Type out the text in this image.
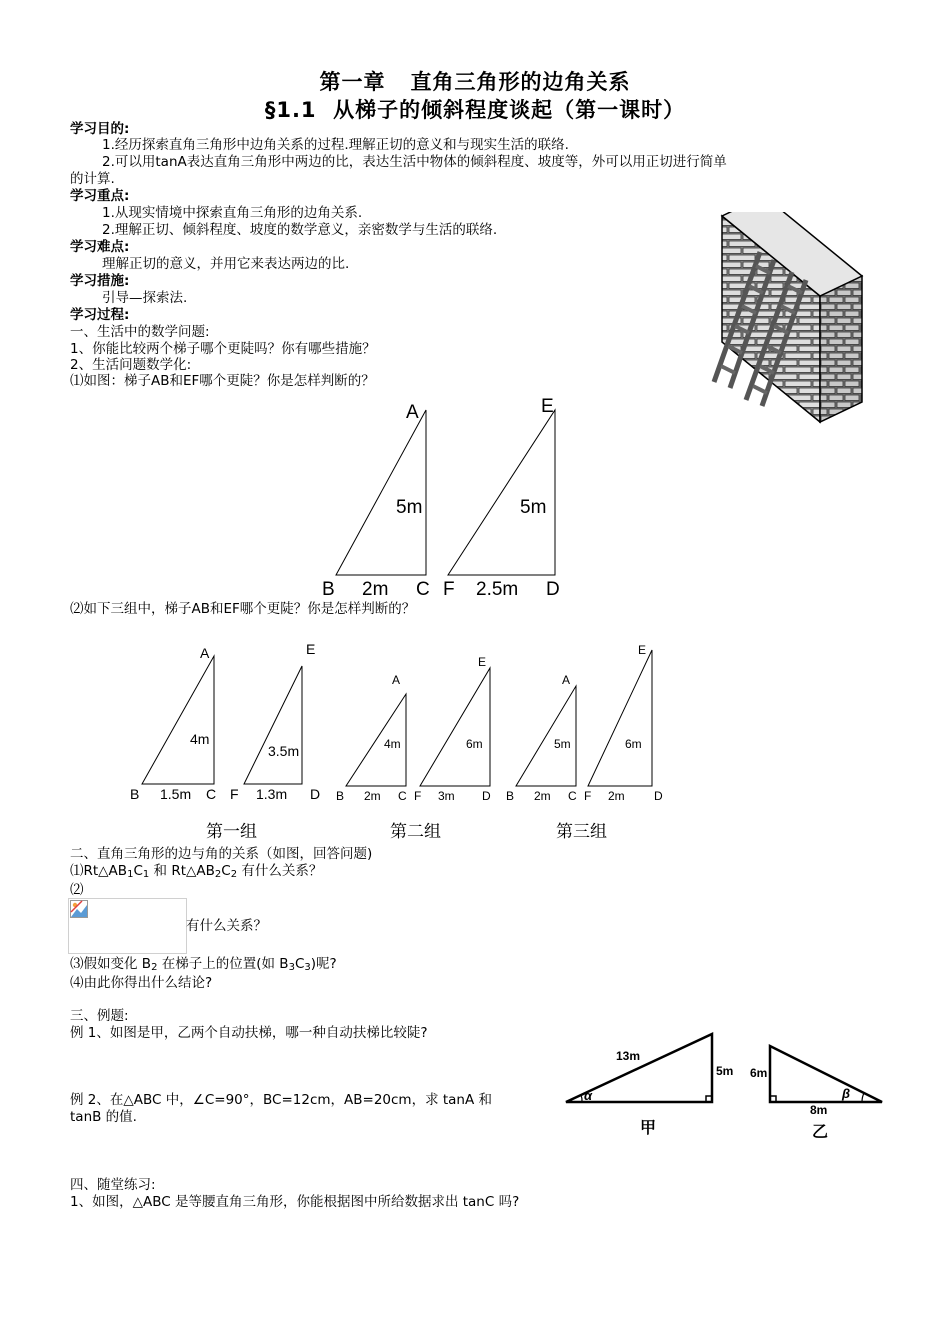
第一章   直角三角形的边角关系
§1.1  从梯子的倾斜程度谈起（第一课时）
学习目的:
1.经历探索直角三角形中边角关系的过程.理解正切的意义和与现实生活的联络.
2.可以用tanA表达直角三角形中两边的比，表达生活中物体的倾斜程度、坡度等，外可以用正切进行简单
的计算.
学习重点:
1.从现实情境中探索直角三角形的边角关系.
2.理解正切、倾斜程度、坡度的数学意义，亲密数学与生活的联络.
学习难点:
理解正切的意义，并用它来表达两边的比.
学习措施:
引导—探索法.
学习过程:
一、生活中的数学问题:
1、你能比较两个梯子哪个更陡吗？你有哪些措施？
2、生活问题数学化:
⑴如图：梯子AB和EF哪个更陡？你是怎样判断的？
A
B	C
5m
2m
E
F	D
5m
2.5m
⑵如下三组中，梯子AB和EF哪个更陡？你是怎样判断的？
A	E
4m
3.5m
B 1.5m C F 1.3m D
第一组
A
E
4m	6m
B 2m C F 3m D
第二组
A
E
5m	6m
B 2m C F 2m D
第三组
二、直角三角形的边与角的关系（如图，回答问题)
$⑴Rt\triangle AB_1C_1$ 和 $Rt\triangle AB_2C_2$ 有什么关系？
⑵
有什么关系？
⑶假如变化 $B_2$ 在梯子上的位置(如 $B_3C_3$)呢?
⑷由此你得出什么结论?
三、例题:
例 1、如图是甲，乙两个自动扶梯，哪一种自动扶梯比较陡?
例 2、在△ABC 中，∠C=90°，BC=12cm，AB=20cm，求 tanA 和
tanB 的值.
13m
5m
α
甲
6m
8m
β
乙
四、随堂练习:
1、如图，△ABC 是等腰直角三角形，你能根据图中所给数据求出 tanC 吗?
